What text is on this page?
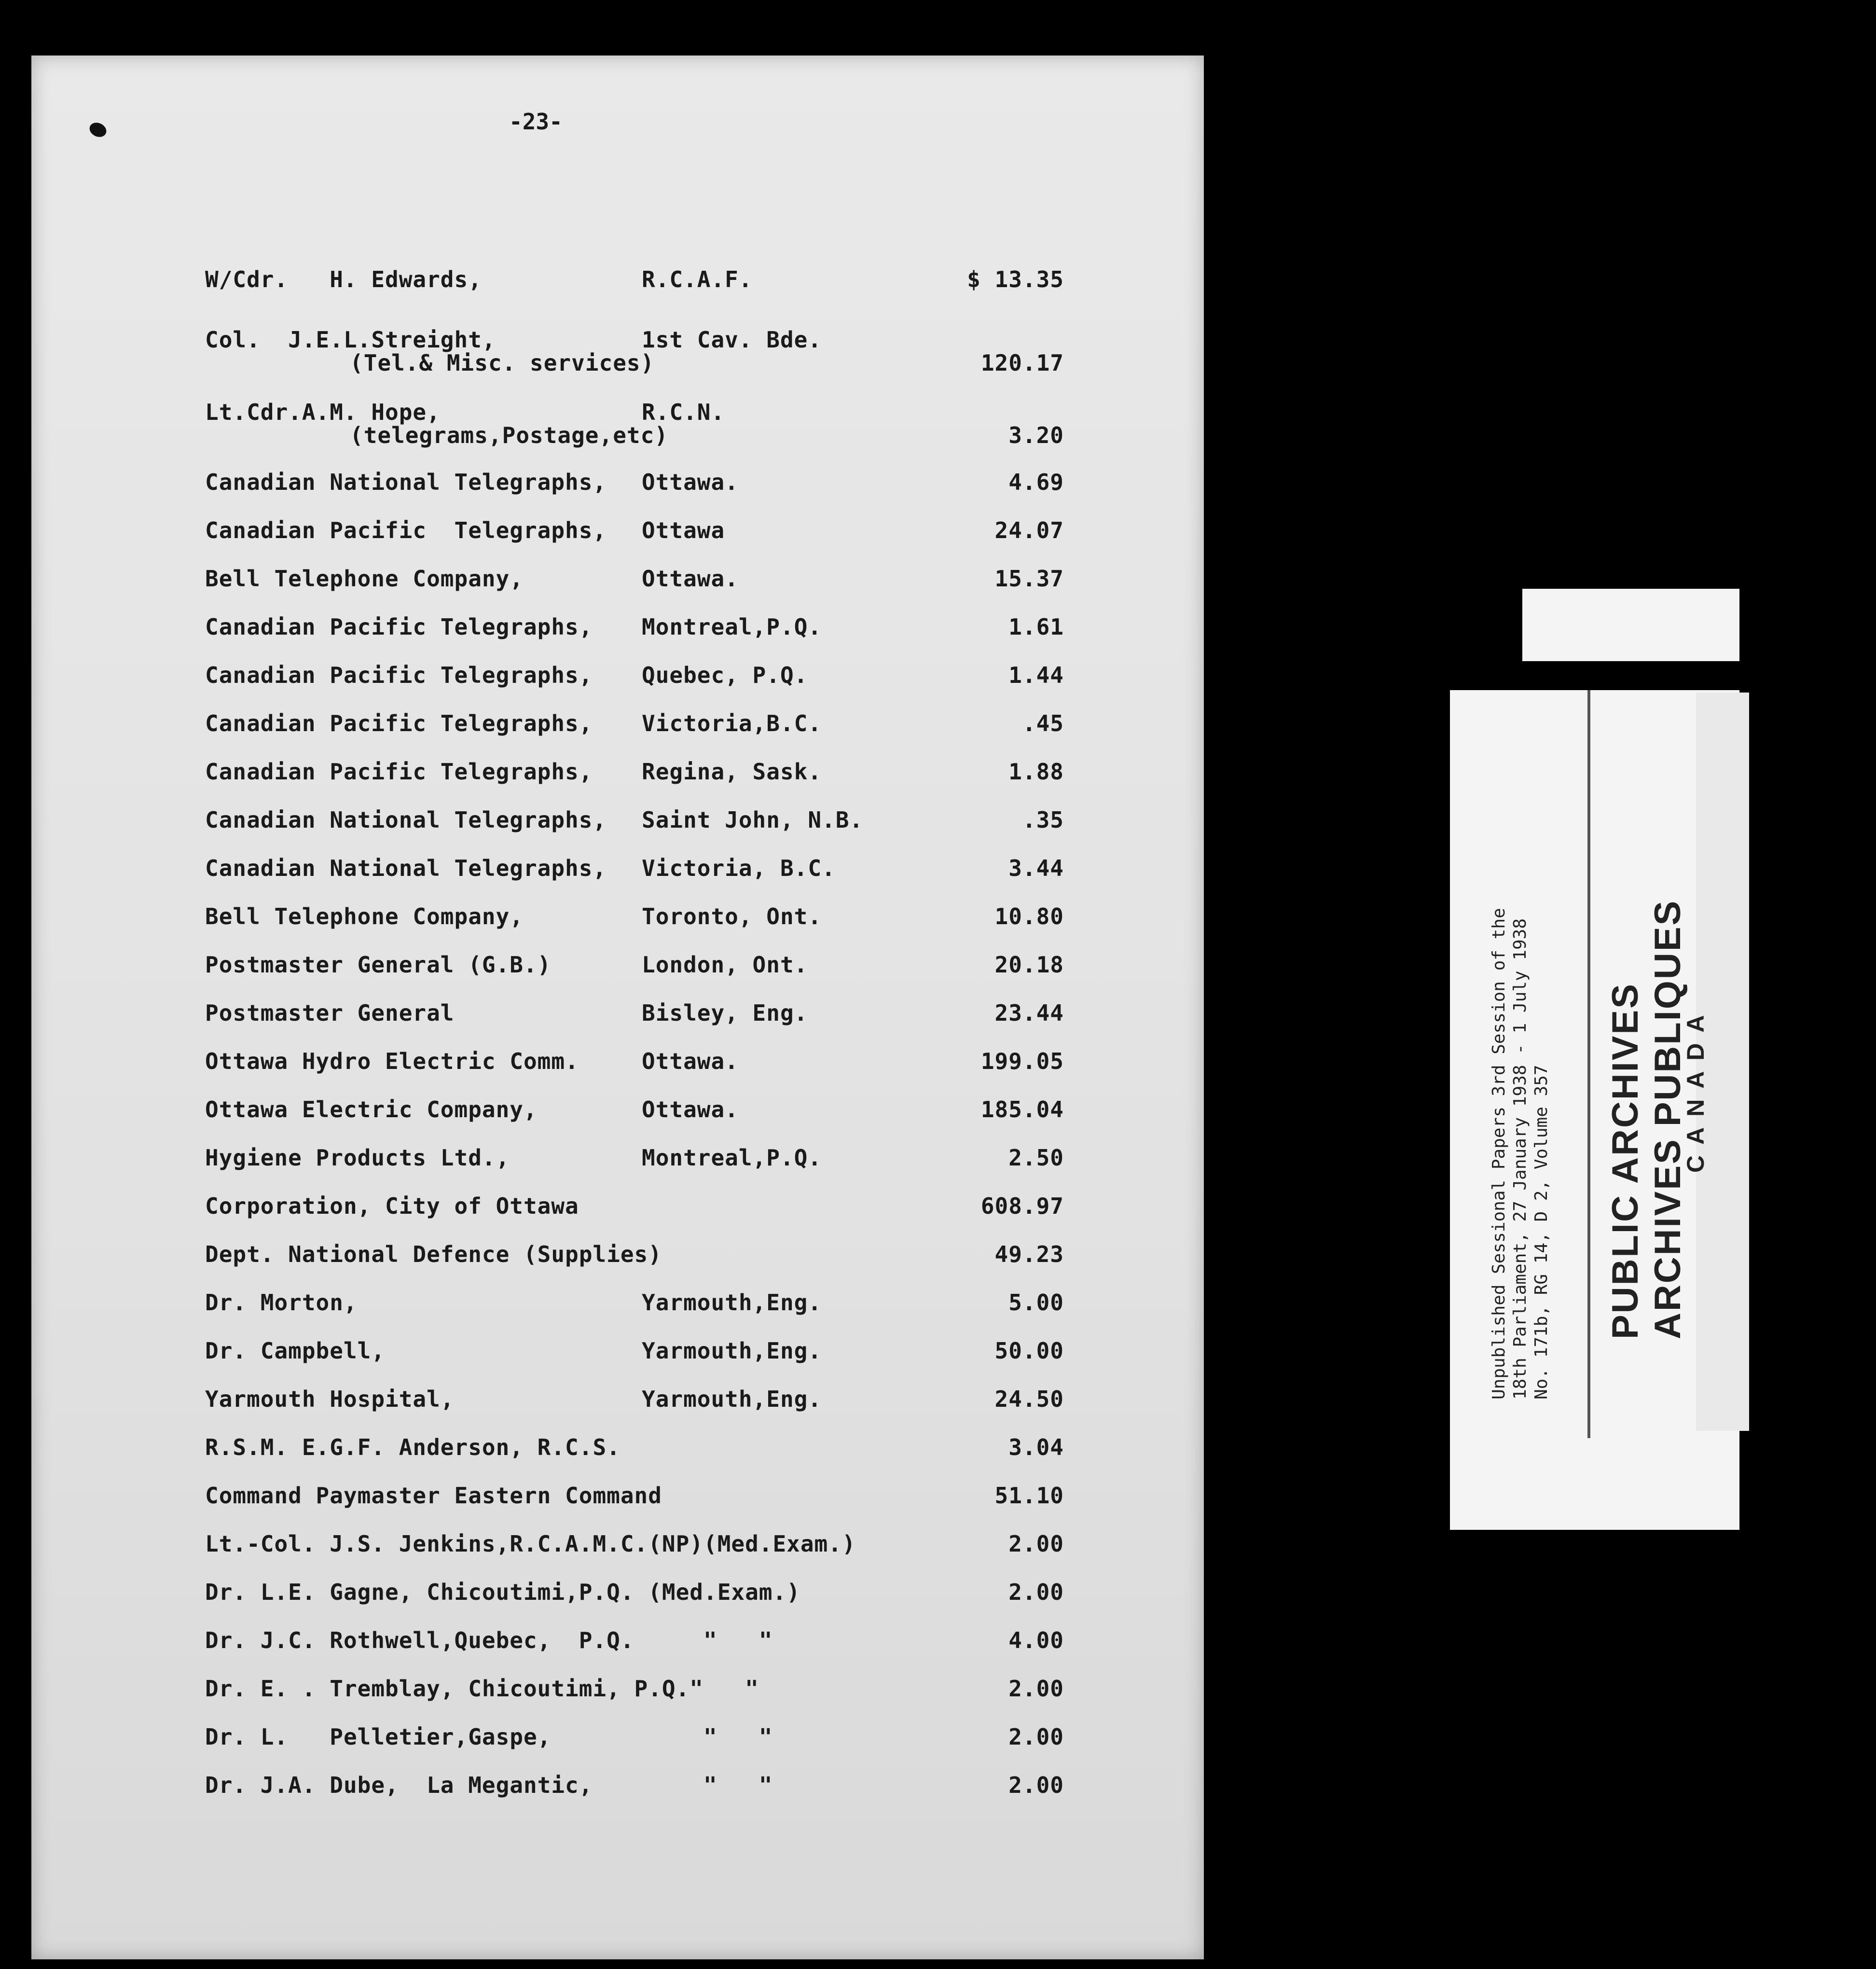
-23-
W/Cdr.   H. Edwards,	R.C.A.F.	$ 13.35
Col.  J.E.L.Streight,	1st Cav. Bde.
(Tel.& Misc. services)	120.17
Lt.Cdr.A.M. Hope,	R.C.N.
(telegrams,Postage,etc)	3.20
Canadian National Telegraphs, Ottawa.	4.69
Canadian Pacific  Telegraphs, Ottawa	24.07
Bell Telephone Company,	Ottawa.	15.37
Canadian Pacific Telegraphs, Montreal,P.Q.	1.61
Canadian Pacific Telegraphs, Quebec, P.Q.	1.44
Canadian Pacific Telegraphs, Victoria,B.C.	.45
Canadian Pacific Telegraphs, Regina, Sask.	1.88
Canadian National Telegraphs, Saint John, N.B.	.35
Canadian National Telegraphs, Victoria, B.C.	3.44
Bell Telephone Company,	Toronto, Ont.	10.80
Postmaster General (G.B.)	London, Ont.	20.18
Postmaster General	Bisley, Eng.	23.44
Ottawa Hydro Electric Comm.	Ottawa.	199.05
Ottawa Electric Company,	Ottawa.	185.04
Hygiene Products Ltd.,	Montreal,P.Q.	2.50
Corporation, City of Ottawa	608.97
Dept. National Defence (Supplies)	49.23
Dr. Morton,	Yarmouth,Eng.	5.00
Dr. Campbell,	Yarmouth,Eng.	50.00
Yarmouth Hospital,	Yarmouth,Eng.	24.50
R.S.M. E.G.F. Anderson, R.C.S.	3.04
Command Paymaster Eastern Command	51.10
Lt.-Col. J.S. Jenkins,R.C.A.M.C.(NP)(Med.Exam.)	2.00
Dr. L.E. Gagne, Chicoutimi,P.Q. (Med.Exam.)	2.00
Dr. J.C. Rothwell,Quebec,  P.Q.     "   "	4.00
Dr. E. . Tremblay, Chicoutimi, P.Q."   "	2.00
Dr. L.   Pelletier,Gaspe,           "   "	2.00
Dr. J.A. Dube,  La Megantic,        "   "	2.00
Unpublished Sessional Papers 3rd Session of the 18th Parliament, 27 January 1938 - 1 July 1938 No. 171b, RG 14, D 2, Volume 357 PUBLIC ARCHIVES ARCHIVES PUBLIQUES
CANADA
